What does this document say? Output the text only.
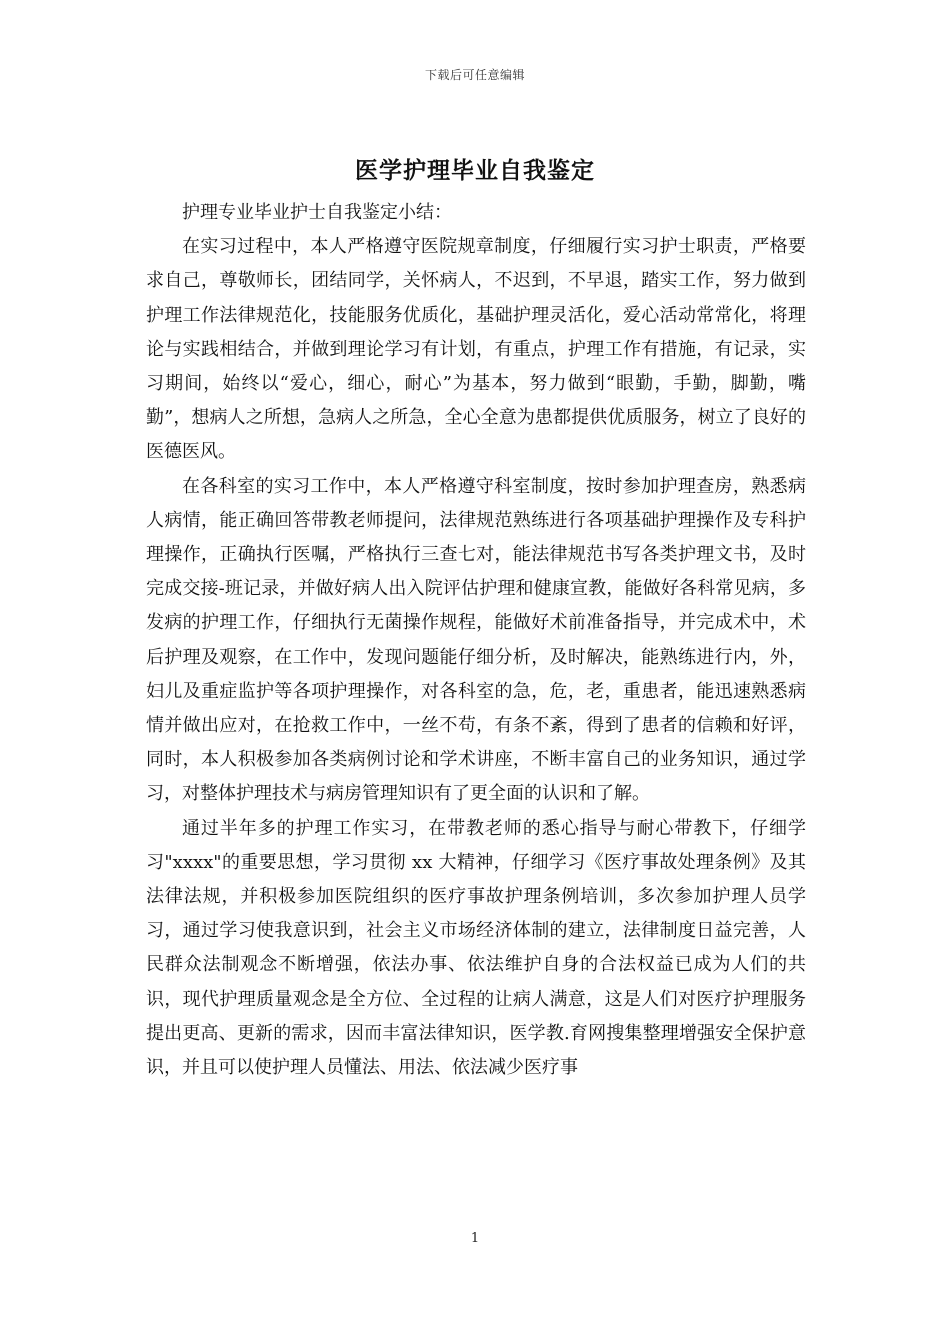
下载后可任意编辑
医学护理毕业自我鉴定

护理专业毕业护士自我鉴定小结：

在实习过程中，本人严格遵守医院规章制度，仔细履行实习护士职责，严格要求自己，尊敬师长，团结同学，关怀病人，不迟到，不早退，踏实工作，努力做到护理工作法律规范化，技能服务优质化，基础护理灵活化，爱心活动常常化，将理论与实践相结合，并做到理论学习有计划，有重点，护理工作有措施，有记录，实习期间，始终以“爱心，细心，耐心”为基本，努力做到“眼勤，手勤，脚勤，嘴勤”，想病人之所想，急病人之所急，全心全意为患都提供优质服务，树立了良好的医德医风。

在各科室的实习工作中，本人严格遵守科室制度，按时参加护理查房，熟悉病人病情，能正确回答带教老师提问，法律规范熟练进行各项基础护理操作及专科护理操作，正确执行医嘱，严格执行三查七对，能法律规范书写各类护理文书，及时完成交接-班记录，并做好病人出入院评估护理和健康宣教，能做好各科常见病，多发病的护理工作，仔细执行无菌操作规程，能做好术前准备指导，并完成术中，术后护理及观察，在工作中，发现问题能仔细分析，及时解决，能熟练进行内，外，妇儿及重症监护等各项护理操作，对各科室的急，危，老，重患者，能迅速熟悉病情并做出应对，在抢救工作中，一丝不苟，有条不紊，得到了患者的信赖和好评，同时，本人积极参加各类病例讨论和学术讲座，不断丰富自己的业务知识，通过学习，对整体护理技术与病房管理知识有了更全面的认识和了解。

通过半年多的护理工作实习，在带教老师的悉心指导与耐心带教下，仔细学习"xxxx"的重要思想，学习贯彻 xx 大精神，仔细学习《医疗事故处理条例》及其法律法规，并积极参加医院组织的医疗事故护理条例培训，多次参加护理人员学习，通过学习使我意识到，社会主义市场经济体制的建立，法律制度日益完善，人民群众法制观念不断增强，依法办事、依法维护自身的合法权益已成为人们的共识，现代护理质量观念是全方位、全过程的让病人满意，这是人们对医疗护理服务提出更高、更新的需求，因而丰富法律知识，医学教.育网搜集整理增强安全保护意识，并且可以使护理人员懂法、用法、依法减少医疗事

1
